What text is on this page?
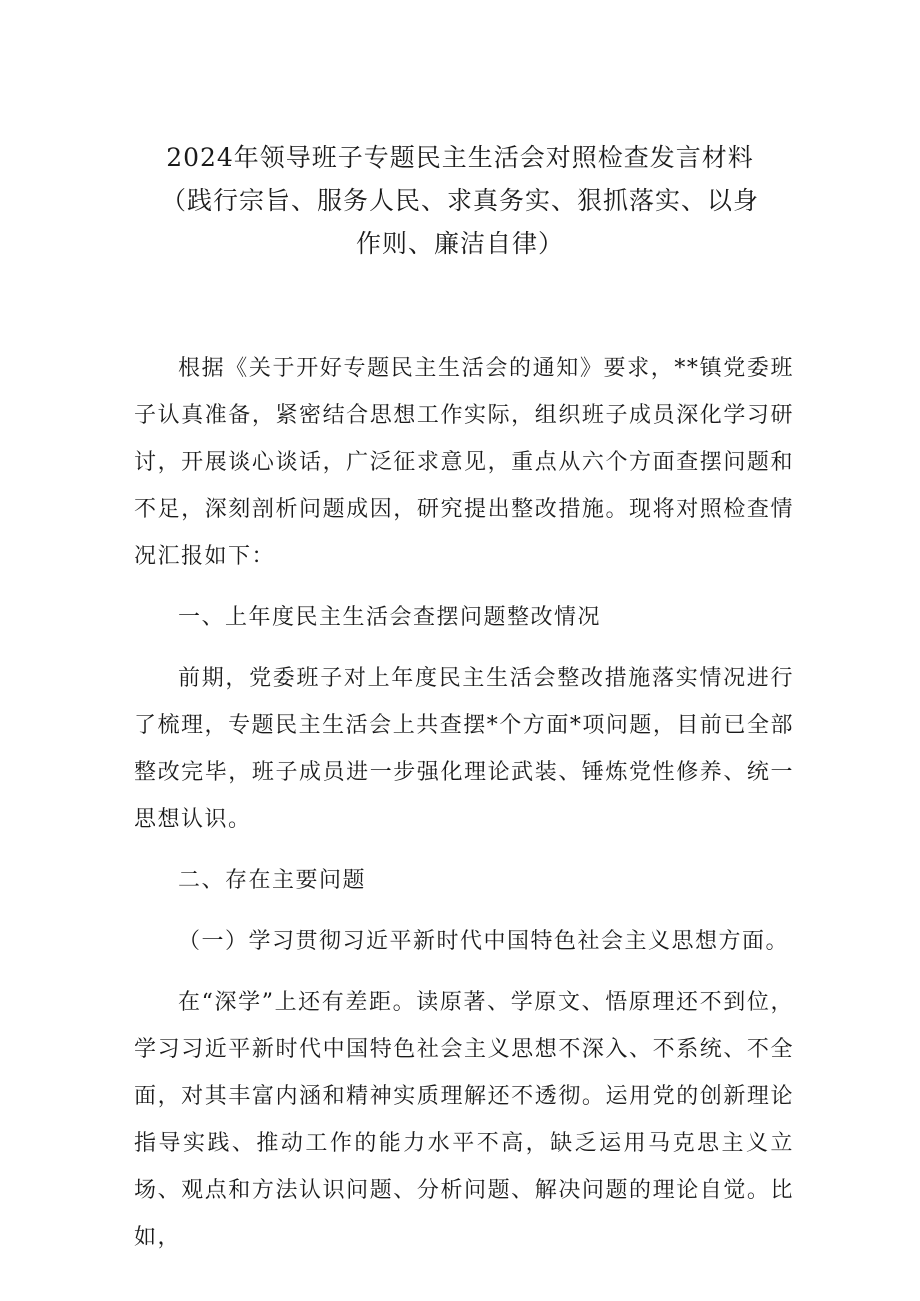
2024年领导班子专题民主生活会对照检查发言材料
（践行宗旨、服务人民、求真务实、狠抓落实、以身
作则、廉洁自律）

根据《关于开好专题民主生活会的通知》要求，**镇党委班子认真准备，紧密结合思想工作实际，组织班子成员深化学习研讨，开展谈心谈话，广泛征求意见，重点从六个方面查摆问题和不足，深刻剖析问题成因，研究提出整改措施。现将对照检查情况汇报如下：

一、上年度民主生活会查摆问题整改情况

前期，党委班子对上年度民主生活会整改措施落实情况进行了梳理，专题民主生活会上共查摆*个方面*项问题，目前已全部整改完毕，班子成员进一步强化理论武装、锤炼党性修养、统一思想认识。

二、存在主要问题

（一）学习贯彻习近平新时代中国特色社会主义思想方面。

在“深学”上还有差距。读原著、学原文、悟原理还不到位，学习习近平新时代中国特色社会主义思想不深入、不系统、不全面，对其丰富内涵和精神实质理解还不透彻。运用党的创新理论指导实践、推动工作的能力水平不高，缺乏运用马克思主义立场、观点和方法认识问题、分析问题、解决问题的理论自觉。比如，
